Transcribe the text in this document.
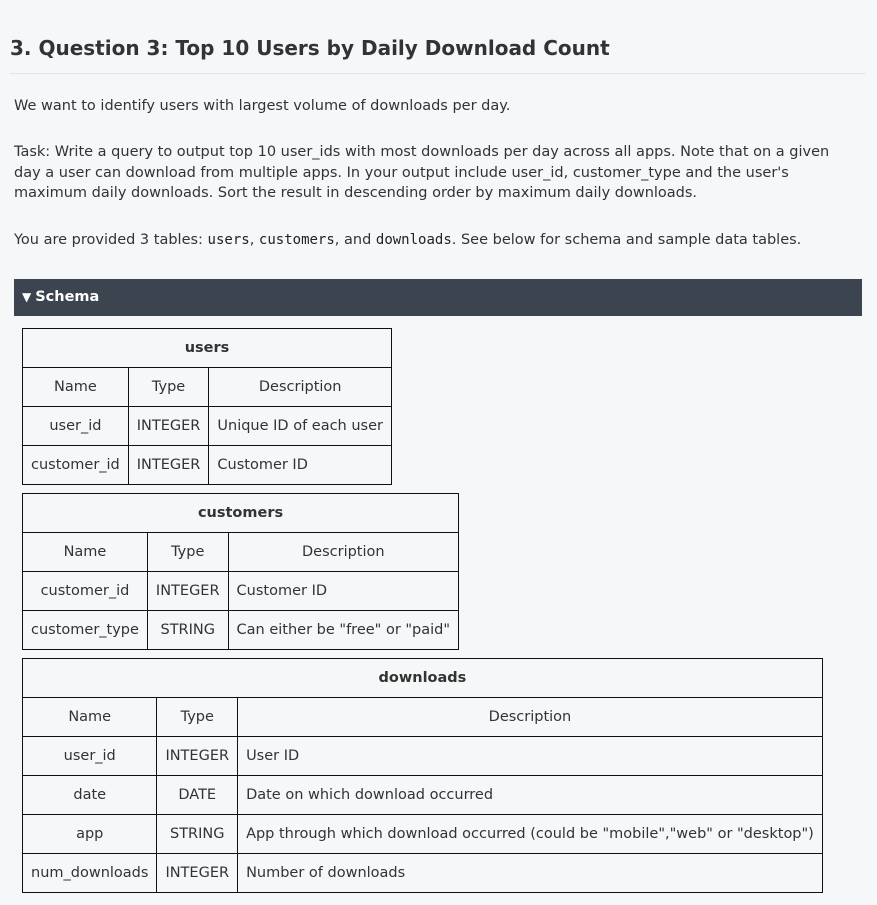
3. Question 3: Top 10 Users by Daily Download Count

We want to identify users with largest volume of downloads per day.

Task: Write a query to output top 10 user_ids with most downloads per day across all apps. Note that on a given day a user can download from multiple apps. In your output include user_id, customer_type and the user's maximum daily downloads. Sort the result in descending order by maximum daily downloads.

You are provided 3 tables: users, customers, and downloads. See below for schema and sample data tables.

▼ Schema
users		
Name	Type	Description
user_id	INTEGER	Unique ID of each user
customer_id	INTEGER	Customer ID
customers		
Name	Type	Description
customer_id	INTEGER	Customer ID
customer_type	STRING	Can either be "free" or "paid"
downloads		
Name	Type	Description
user_id	INTEGER	User ID
date	DATE	Date on which download occurred
app	STRING	App through which download occurred (could be "mobile","web" or "desktop")
num_downloads	INTEGER	Number of downloads
